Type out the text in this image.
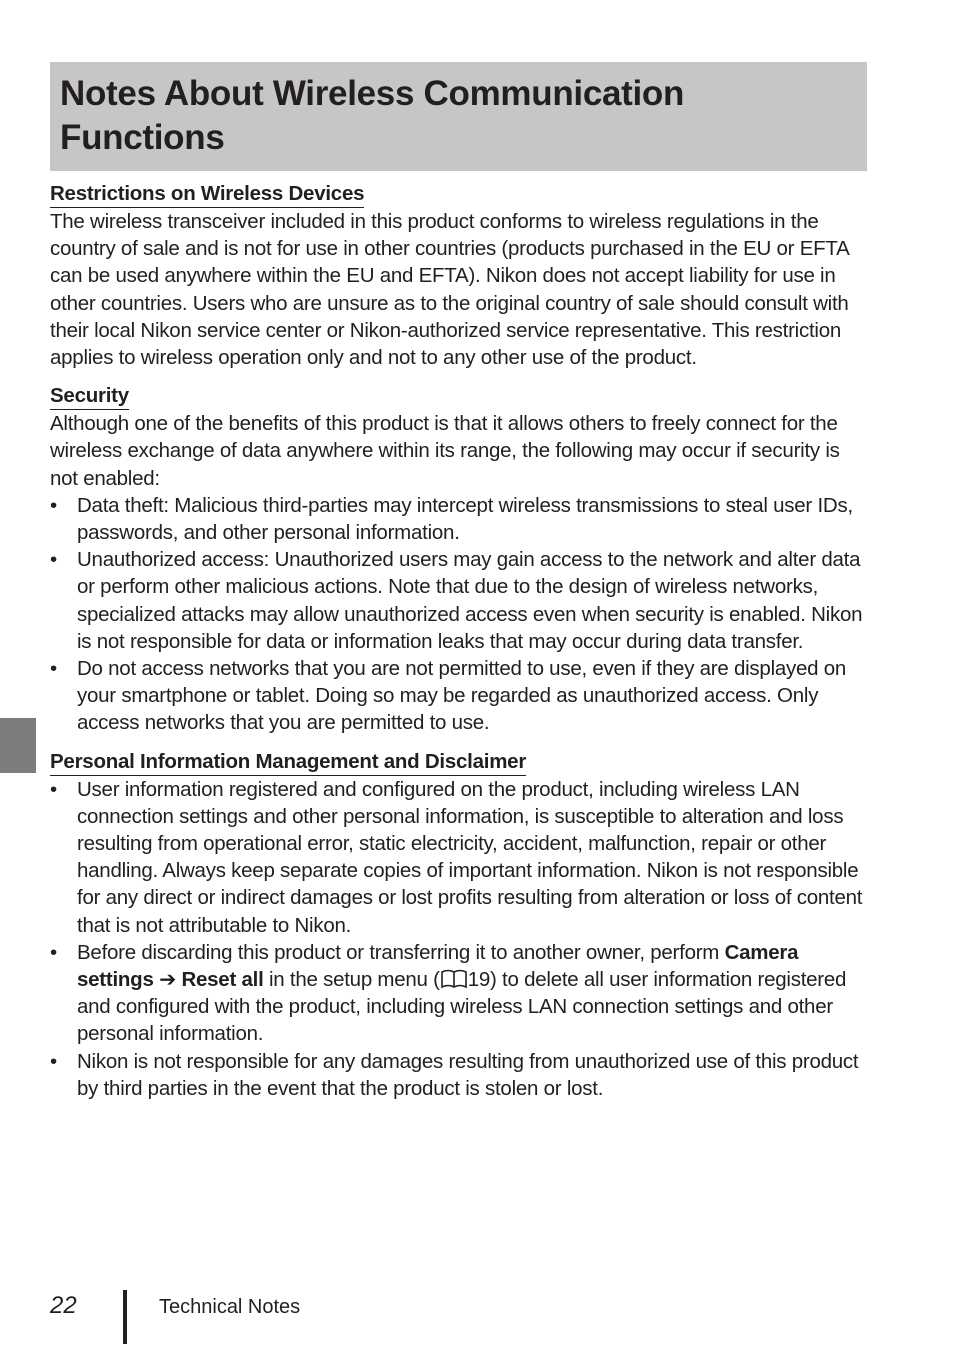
Notes About Wireless Communication Functions
Restrictions on Wireless Devices

The wireless transceiver included in this product conforms to wireless regulations in the country of sale and is not for use in other countries (products purchased in the EU or EFTA can be used anywhere within the EU and EFTA). Nikon does not accept liability for use in other countries. Users who are unsure as to the original country of sale should consult with their local Nikon service center or Nikon-authorized service representative. This restriction applies to wireless operation only and not to any other use of the product.

Security

Although one of the benefits of this product is that it allows others to freely connect for the wireless exchange of data anywhere within its range, the following may occur if security is not enabled:

• Data theft: Malicious third-parties may intercept wireless transmissions to steal user IDs, passwords, and other personal information.
• Unauthorized access: Unauthorized users may gain access to the network and alter data or perform other malicious actions. Note that due to the design of wireless networks, specialized attacks may allow unauthorized access even when security is enabled. Nikon is not responsible for data or information leaks that may occur during data transfer.
• Do not access networks that you are not permitted to use, even if they are displayed on your smartphone or tablet. Doing so may be regarded as unauthorized access. Only access networks that you are permitted to use.
Personal Information Management and Disclaimer
• User information registered and configured on the product, including wireless LAN connection settings and other personal information, is susceptible to alteration and loss resulting from operational error, static electricity, accident, malfunction, repair or other handling. Always keep separate copies of important information. Nikon is not responsible for any direct or indirect damages or lost profits resulting from alteration or loss of content that is not attributable to Nikon.
• Before discarding this product or transferring it to another owner, perform Camera settings ➔ Reset all in the setup menu ( 19) to delete all user information registered and configured with the product, including wireless LAN connection settings and other personal information.
• Nikon is not responsible for any damages resulting from unauthorized use of this product by third parties in the event that the product is stolen or lost.
22	Technical Notes
